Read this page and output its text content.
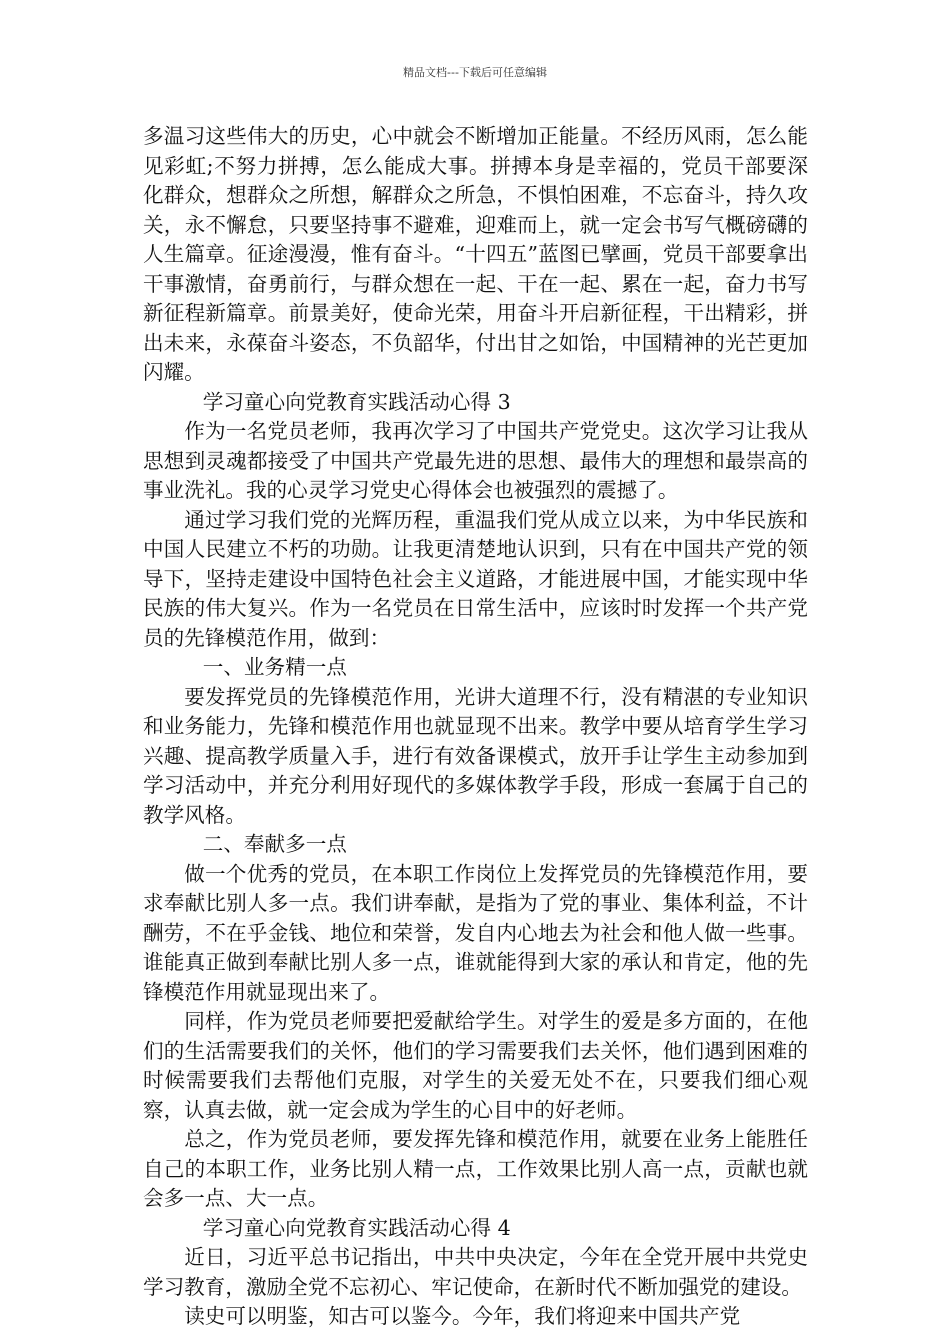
精品文档---下载后可任意编辑

多温习这些伟大的历史，心中就会不断增加正能量。不经历风雨，怎么能见彩虹;不努力拼搏，怎么能成大事。拼搏本身是幸福的，党员干部要深化群众，想群众之所想，解群众之所急，不惧怕困难，不忘奋斗，持久攻关，永不懈怠，只要坚持事不避难，迎难而上，就一定会书写气概磅礴的人生篇章。征途漫漫，惟有奋斗。“十四五”蓝图已擘画，党员干部要拿出干事激情，奋勇前行，与群众想在一起、干在一起、累在一起，奋力书写新征程新篇章。前景美好，使命光荣，用奋斗开启新征程，干出精彩，拼出未来，永葆奋斗姿态，不负韶华，付出甘之如饴，中国精神的光芒更加闪耀。

学习童心向党教育实践活动心得 3

作为一名党员老师，我再次学习了中国共产党党史。这次学习让我从思想到灵魂都接受了中国共产党最先进的思想、最伟大的理想和最崇高的事业洗礼。我的心灵学习党史心得体会也被强烈的震撼了。

通过学习我们党的光辉历程，重温我们党从成立以来，为中华民族和中国人民建立不朽的功勋。让我更清楚地认识到，只有在中国共产党的领导下，坚持走建设中国特色社会主义道路，才能进展中国，才能实现中华民族的伟大复兴。作为一名党员在日常生活中，应该时时发挥一个共产党员的先锋模范作用，做到：

一、业务精一点

要发挥党员的先锋模范作用，光讲大道理不行，没有精湛的专业知识和业务能力，先锋和模范作用也就显现不出来。教学中要从培育学生学习兴趣、提高教学质量入手，进行有效备课模式，放开手让学生主动参加到学习活动中，并充分利用好现代的多媒体教学手段，形成一套属于自己的教学风格。

二、奉献多一点

做一个优秀的党员，在本职工作岗位上发挥党员的先锋模范作用，要求奉献比别人多一点。我们讲奉献，是指为了党的事业、集体利益，不计酬劳，不在乎金钱、地位和荣誉，发自内心地去为社会和他人做一些事。谁能真正做到奉献比别人多一点，谁就能得到大家的承认和肯定，他的先锋模范作用就显现出来了。

同样，作为党员老师要把爱献给学生。对学生的爱是多方面的，在他们的生活需要我们的关怀，他们的学习需要我们去关怀，他们遇到困难的时候需要我们去帮他们克服，对学生的关爱无处不在，只要我们细心观察，认真去做，就一定会成为学生的心目中的好老师。

总之，作为党员老师，要发挥先锋和模范作用，就要在业务上能胜任自己的本职工作，业务比别人精一点，工作效果比别人高一点，贡献也就会多一点、大一点。

学习童心向党教育实践活动心得 4

近日，习近平总书记指出，中共中央决定，今年在全党开展中共党史学习教育，激励全党不忘初心、牢记使命，在新时代不断加强党的建设。

读史可以明鉴，知古可以鉴今。今年，我们将迎来中国共产党
